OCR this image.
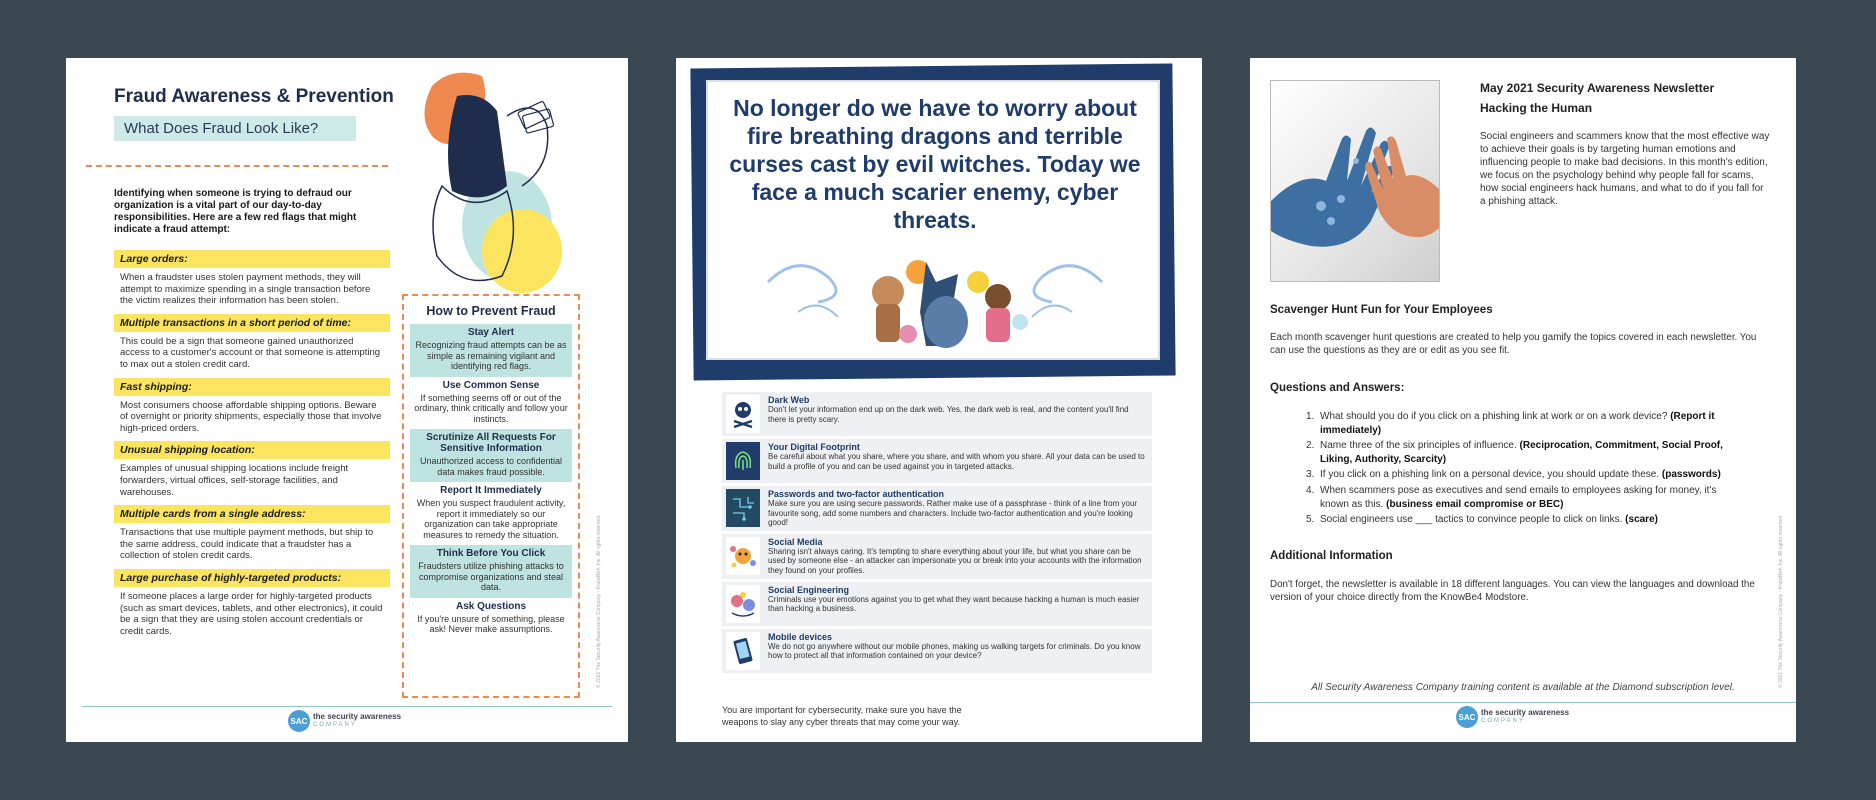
Fraud Awareness & Prevention
What Does Fraud Look Like?
Identifying when someone is trying to defraud our organization is a vital part of our day-to-day responsibilities. Here are a few red flags that might indicate a fraud attempt:
Large orders:
When a fraudster uses stolen payment methods, they will attempt to maximize spending in a single transaction before the victim realizes their information has been stolen.
Multiple transactions in a short period of time:
This could be a sign that someone gained unauthorized access to a customer's account or that someone is attempting to max out a stolen credit card.
Fast shipping:
Most consumers choose affordable shipping options. Beware of overnight or priority shipments, especially those that involve high-priced orders.
Unusual shipping location:
Examples of unusual shipping locations include freight forwarders, virtual offices, self-storage facilities, and warehouses.
Multiple cards from a single address:
Transactions that use multiple payment methods, but ship to the same address, could indicate that a fraudster has a collection of stolen credit cards.
Large purchase of highly-targeted products:
If someone places a large order for highly-targeted products (such as smart devices, tablets, and other electronics), it could be a sign that they are using stolen account credentials or credit cards.
How to Prevent Fraud
Stay Alert
Recognizing fraud attempts can be as simple as remaining vigilant and identifying red flags.
Use Common Sense
If something seems off or out of the ordinary, think critically and follow your instincts.
Scrutinize All Requests For Sensitive Information
Unauthorized access to confidential data makes fraud possible.
Report It Immediately
When you suspect fraudulent activity, report it immediately so our organization can take appropriate measures to remedy the situation.
Think Before You Click
Fraudsters utilize phishing attacks to compromise organizations and steal data.
Ask Questions
If you're unsure of something, please ask! Never make assumptions.	© 2021 The Security Awareness Company - KnowBe4, Inc. All rights reserved.
SAC the security awareness
COMPANY
No longer do we have to worry about fire breathing dragons and terrible curses cast by evil witches. Today we face a much scarier enemy, cyber threats.
Dark Web
Don't let your information end up on the dark web. Yes, the dark web is real, and the content you'll find there is pretty scary.
Your Digital Footprint
Be careful about what you share, where you share, and with whom you share. All your data can be used to build a profile of you and can be used against you in targeted attacks.
Passwords and two-factor authentication
Make sure you are using secure passwords. Rather make use of a passphrase - think of a line from your favourite song, add some numbers and characters. Include two-factor authentication and you're looking good!
Social Media
Sharing isn't always caring. It's tempting to share everything about your life, but what you share can be used by someone else - an attacker can impersonate you or break into your accounts with the information they found on your profiles.
Social Engineering
Criminals use your emotions against you to get what they want because hacking a human is much easier than hacking a business.
Mobile devices
We do not go anywhere without our mobile phones, making us walking targets for criminals. Do you know how to protect all that information contained on your device?
You are important for cybersecurity, make sure you have the weapons to slay any cyber threats that may come your way.
May 2021 Security Awareness Newsletter
Hacking the Human
Social engineers and scammers know that the most effective way to achieve their goals is by targeting human emotions and influencing people to make bad decisions. In this month's edition, we focus on the psychology behind why people fall for scams, how social engineers hack humans, and what to do if you fall for a phishing attack.
Scavenger Hunt Fun for Your Employees
Each month scavenger hunt questions are created to help you gamify the topics covered in each newsletter. You can use the questions as they are or edit as you see fit.
Questions and Answers:
1. What should you do if you click on a phishing link at work or on a work device? (Report it immediately)
2. Name three of the six principles of influence. (Reciprocation, Commitment, Social Proof, Liking, Authority, Scarcity)
3. If you click on a phishing link on a personal device, you should update these. (passwords)
4. When scammers pose as executives and send emails to employees asking for money, it's known as this. (business email compromise or BEC)
5. Social engineers use ___ tactics to convince people to click on links. (scare)
Additional Information
Don't forget, the newsletter is available in 18 different languages. You can view the languages and download the version of your choice directly from the KnowBe4 Modstore.	© 2021 The Security Awareness Company - KnowBe4, Inc. All rights reserved.
All Security Awareness Company training content is available at the Diamond subscription level.
SAC the security awareness
COMPANY
